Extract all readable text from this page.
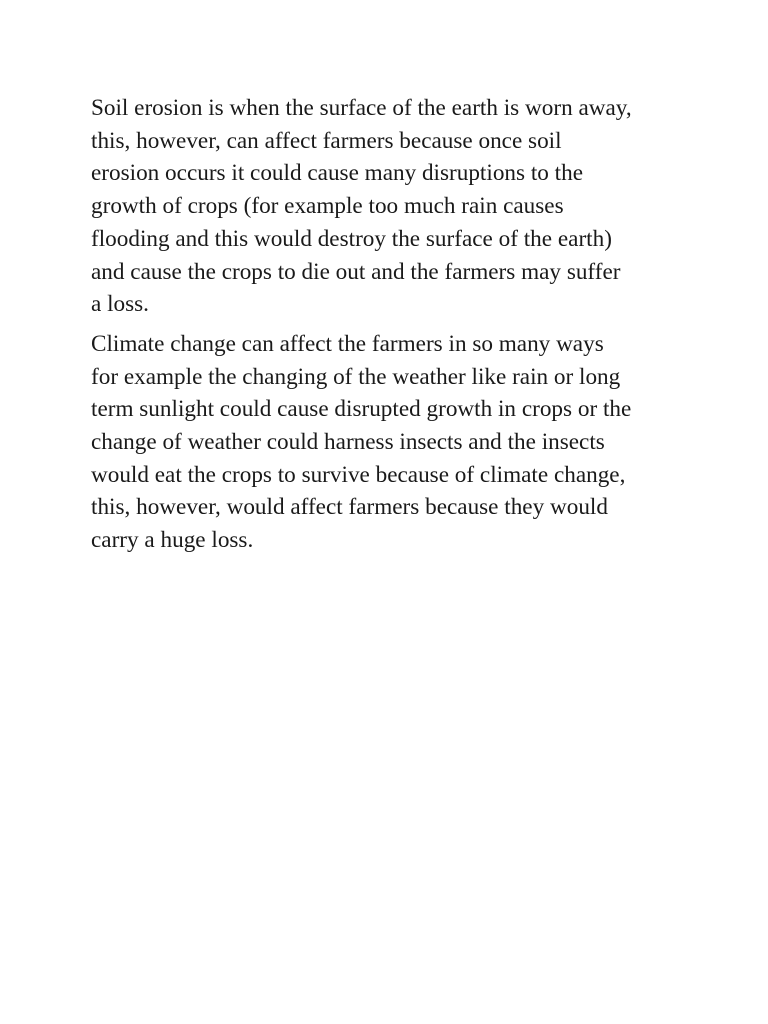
Soil erosion is when the surface of the earth is worn away,
this, however, can affect farmers because once soil
erosion occurs it could cause many disruptions to the
growth of crops (for example too much rain causes
flooding and this would destroy the surface of the earth)
and cause the crops to die out and the farmers may suffer
a loss.

Climate change can affect the farmers in so many ways
for example the changing of the weather like rain or long
term sunlight could cause disrupted growth in crops or the
change of weather could harness insects and the insects
would eat the crops to survive because of climate change,
this, however, would affect farmers because they would
carry a huge loss.
